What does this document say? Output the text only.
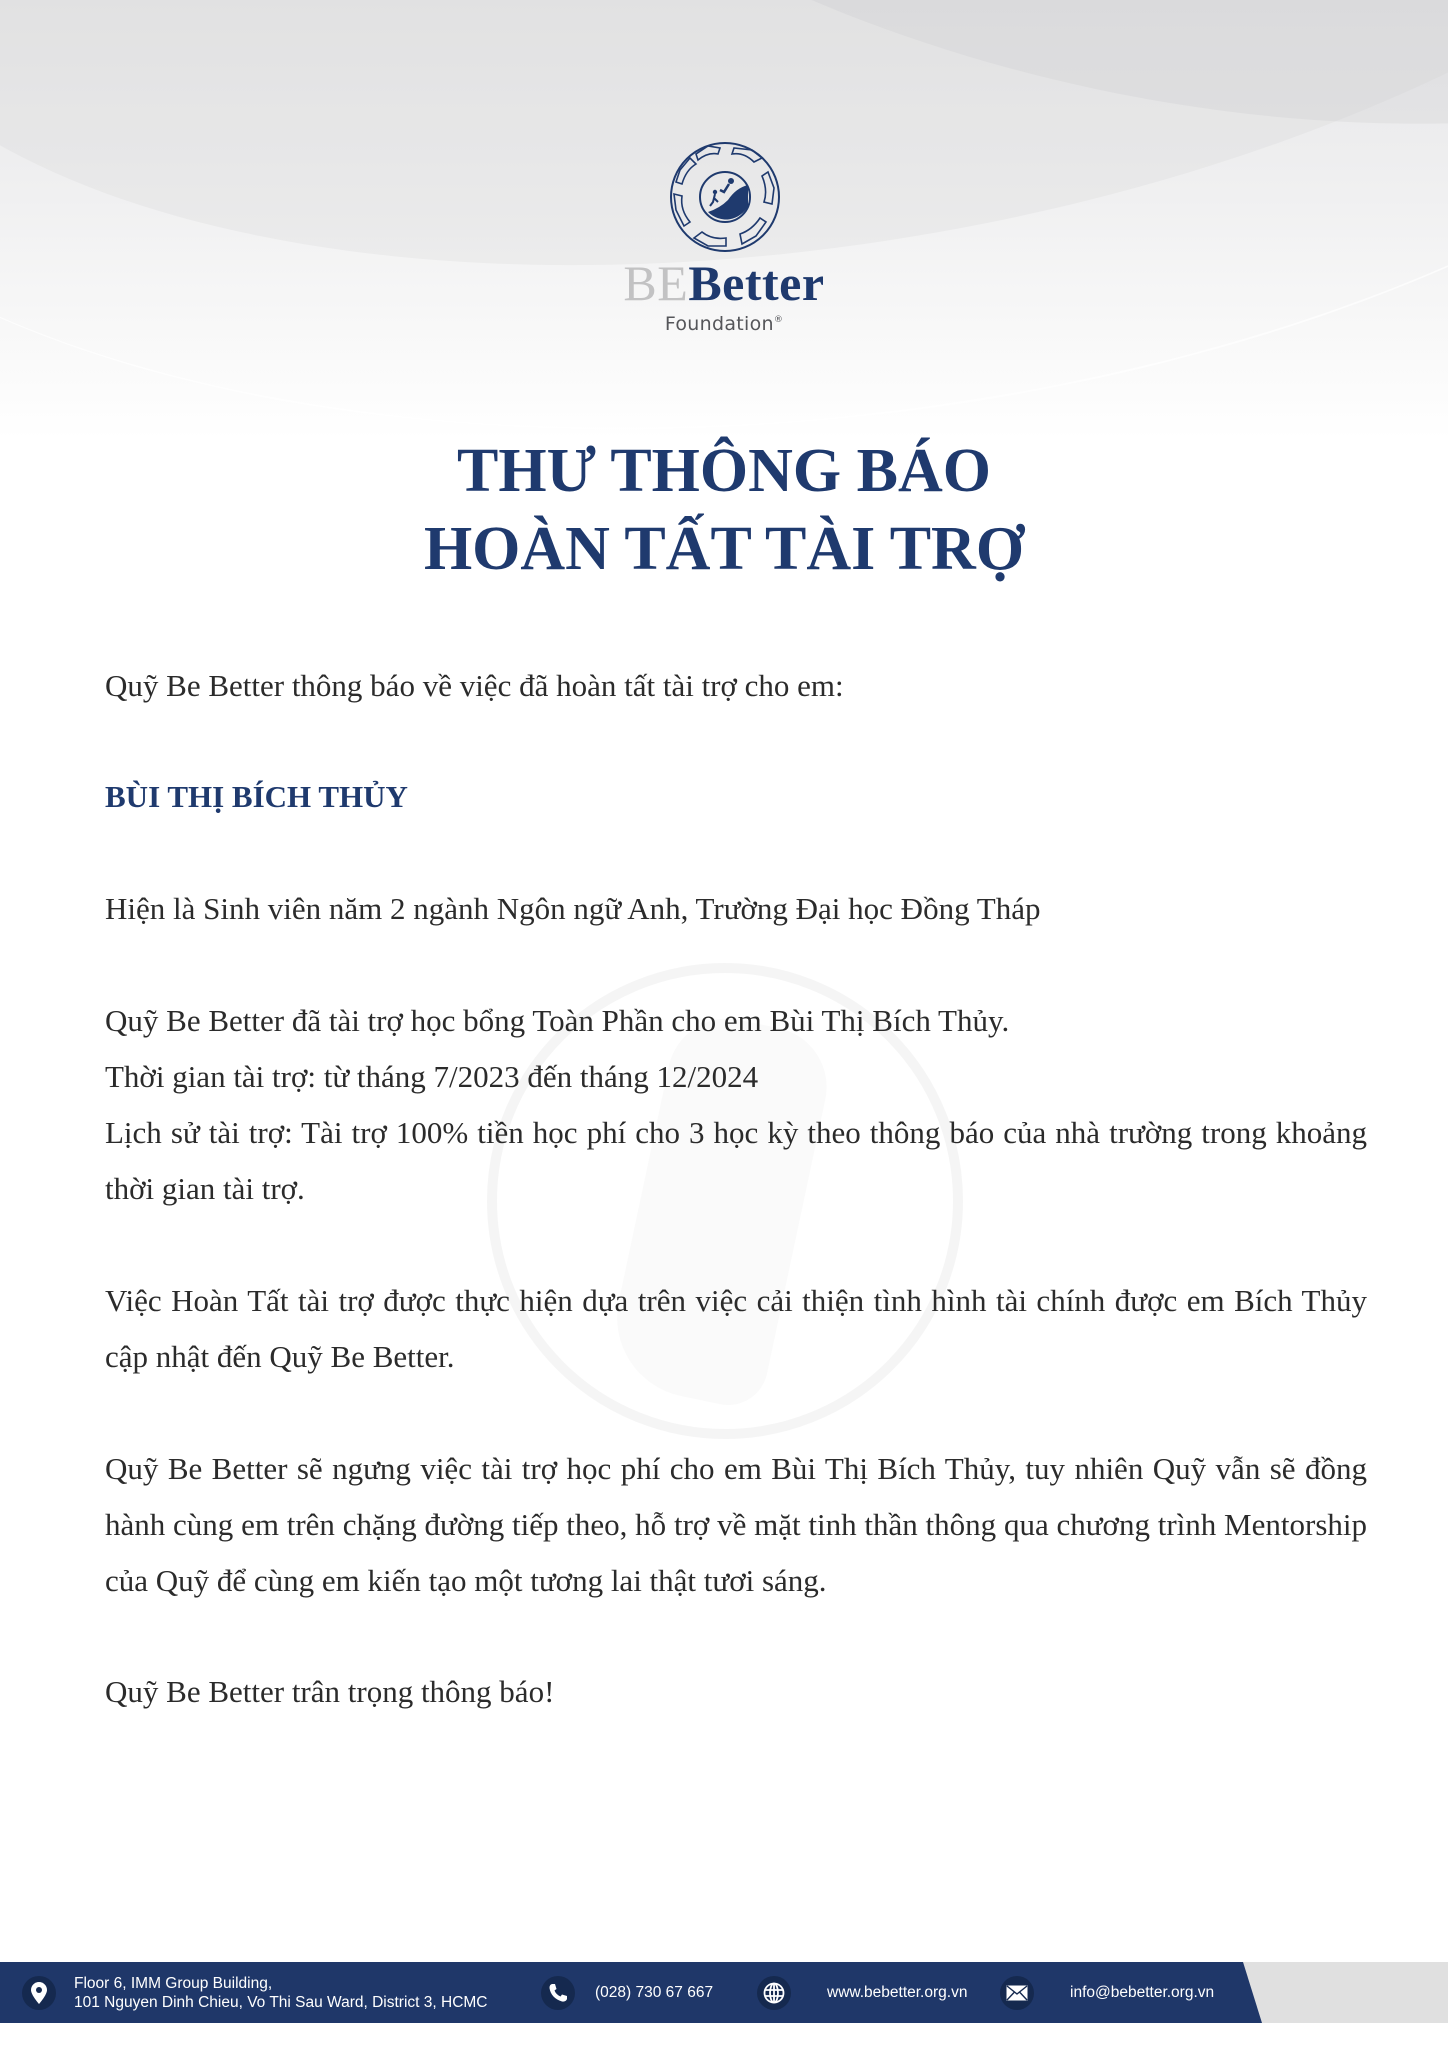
BEBetter
Foundation®
THƯ THÔNG BÁO
HOÀN TẤT TÀI TRỢ
Quỹ Be Better thông báo về việc đã hoàn tất tài trợ cho em:
BÙI THỊ BÍCH THỦY
Hiện là Sinh viên năm 2 ngành Ngôn ngữ Anh, Trường Đại học Đồng Tháp
Quỹ Be Better đã tài trợ học bổng Toàn Phần cho em Bùi Thị Bích Thủy.
Thời gian tài trợ: từ tháng 7/2023 đến tháng 12/2024
Lịch sử tài trợ: Tài trợ 100% tiền học phí cho 3 học kỳ theo thông báo của nhà trường trong khoảng thời gian tài trợ.
Việc Hoàn Tất tài trợ được thực hiện dựa trên việc cải thiện tình hình tài chính được em Bích Thủy cập nhật đến Quỹ Be Better.
Quỹ Be Better sẽ ngưng việc tài trợ học phí cho em Bùi Thị Bích Thủy, tuy nhiên Quỹ vẫn sẽ đồng hành cùng em trên chặng đường tiếp theo, hỗ trợ về mặt tinh thần thông qua chương trình Mentorship của Quỹ để cùng em kiến tạo một tương lai thật tươi sáng.
Quỹ Be Better trân trọng thông báo!
Floor 6, IMM Group Building,
101 Nguyen Dinh Chieu, Vo Thi Sau Ward, District 3, HCMC
(028) 730 67 667	www.bebetter.org.vn	info@bebetter.org.vn
